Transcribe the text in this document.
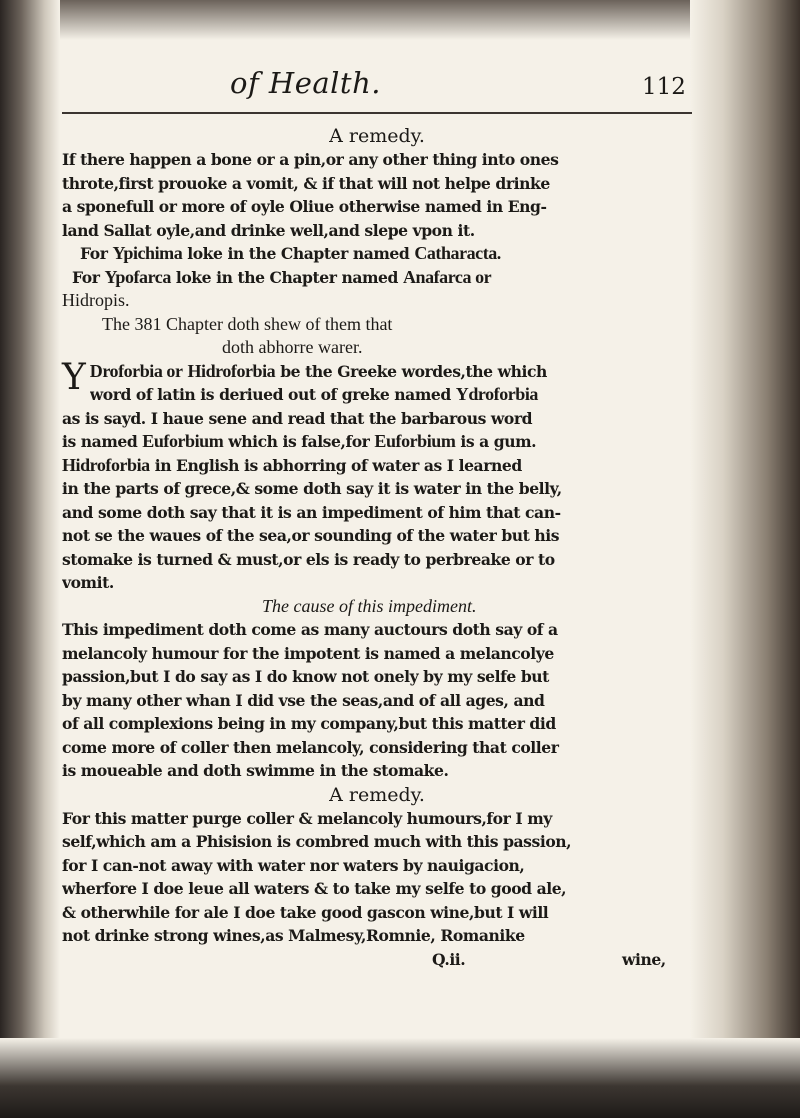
of Health.	112

A remedy.

If there happen a bone or a pin,or any other thing into ones

throte,first prouoke a vomit, & if that will not helpe drinke

a sponefull or more of oyle Oliue otherwise named in Eng-

land Sallat oyle,and drinke well,and slepe vpon it.

For Ypichima loke in the Chapter named Catharacta.

For Ypofarca loke in the Chapter named Anafarca or

Hidropis.

The 381 Chapter doth shew of them that

doth abhorre warer.

Y Droforbia or Hidroforbia be the Greeke wordes,the which

word of latin is deriued out of greke named Ydroforbia

as is sayd. I haue sene and read that the barbarous word

is named Euforbium which is false,for Euforbium is a gum.

Hidroforbia in English is abhorring of water as I learned

in the parts of grece,& some doth say it is water in the belly,

and some doth say that it is an impediment of him that can-

not se the waues of the sea,or sounding of the water but his

stomake is turned & must,or els is ready to perbreake or to

vomit.

The cause of this impediment.

This impediment doth come as many auctours doth say of a

melancoly humour for the impotent is named a melancolye

passion,but I do say as I do know not onely by my selfe but

by many other whan I did vse the seas,and of all ages, and

of all complexions being in my company,but this matter did

come more of coller then melancoly, considering that coller

is moueable and doth swimme in the stomake.

A remedy.

For this matter purge coller & melancoly humours,for I my

self,which am a Phisision is combred much with this passion,

for I can-not away with water nor waters by nauigacion,

wherfore I doe leue all waters & to take my selfe to good ale,

& otherwhile for ale I doe take good gascon wine,but I will

not drinke strong wines,as Malmesy,Romnie, Romanike

Q.ii.	wine,
